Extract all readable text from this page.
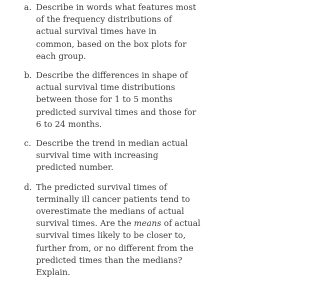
a. Describe in words what features most
of the frequency distributions of
actual survival times have in
common, based on the box plots for
each group.
b. Describe the differences in shape of
actual survival time distributions
between those for 1 to 5 months
predicted survival times and those for
6 to 24 months.
c. Describe the trend in median actual
survival time with increasing
predicted number.
d. The predicted survival times of
terminally ill cancer patients tend to
overestimate the medians of actual
survival times. Are the means of actual
survival times likely to be closer to,
further from, or no different from the
predicted times than the medians?
Explain.
